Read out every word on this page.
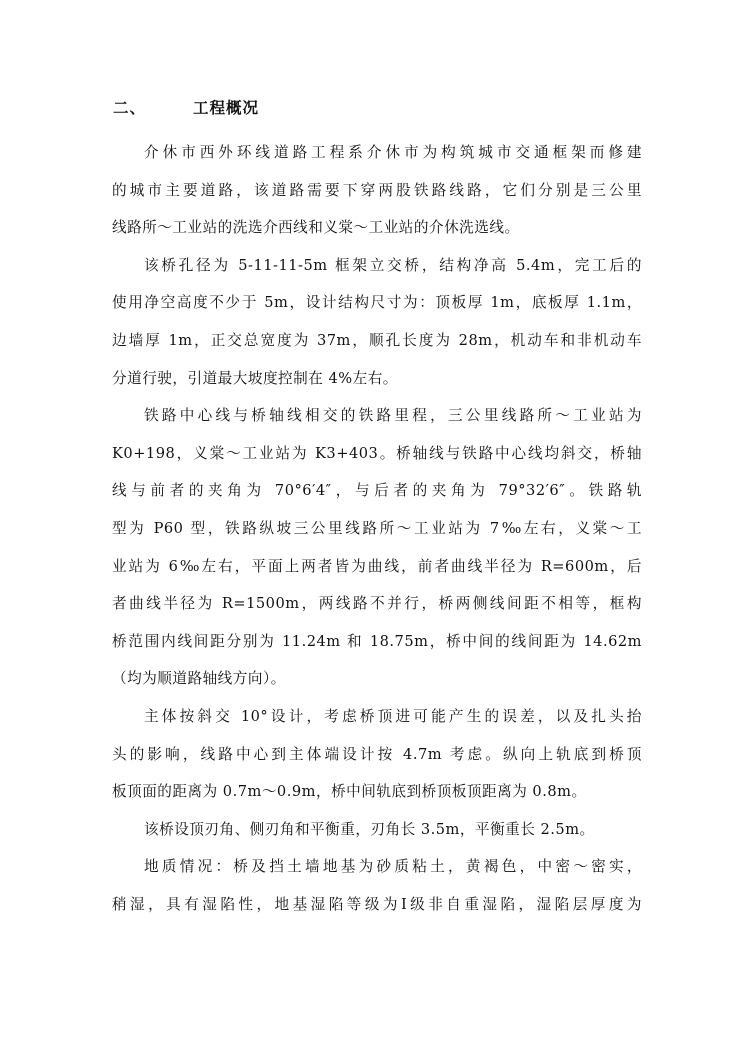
二、	工程概况
介休市西外环线道路工程系介休市为构筑城市交通框架而修建
的城市主要道路，该道路需要下穿两股铁路线路，它们分别是三公里
线路所～工业站的洗选介西线和义棠～工业站的介休洗选线。
该桥孔径为 5-11-11-5m 框架立交桥，结构净高 5.4m，完工后的
使用净空高度不少于 5m，设计结构尺寸为：顶板厚 1m，底板厚 1.1m，
边墙厚 1m，正交总宽度为 37m，顺孔长度为 28m，机动车和非机动车
分道行驶，引道最大坡度控制在 4%左右。
铁路中心线与桥轴线相交的铁路里程，三公里线路所～工业站为
K0+198，义棠～工业站为 K3+403。桥轴线与铁路中心线均斜交，桥轴
线与前者的夹角为 70°6′4″，与后者的夹角为 79°32′6″。铁路轨
型为 P60 型，铁路纵坡三公里线路所～工业站为 7‰左右，义棠～工
业站为 6‰左右，平面上两者皆为曲线，前者曲线半径为 R=600m，后
者曲线半径为 R=1500m，两线路不并行，桥两侧线间距不相等，框构
桥范围内线间距分别为 11.24m 和 18.75m，桥中间的线间距为 14.62m
（均为顺道路轴线方向）。
主体按斜交 10°设计，考虑桥顶进可能产生的误差，以及扎头抬
头的影响，线路中心到主体端设计按 4.7m 考虑。纵向上轨底到桥顶
板顶面的距离为 0.7m～0.9m，桥中间轨底到桥顶板顶距离为 0.8m。
该桥设顶刃角、侧刃角和平衡重，刃角长 3.5m，平衡重长 2.5m。
地质情况：桥及挡土墙地基为砂质粘土，黄褐色，中密～密实，
稍湿，具有湿陷性，地基湿陷等级为Ⅰ级非自重湿陷，湿陷层厚度为
